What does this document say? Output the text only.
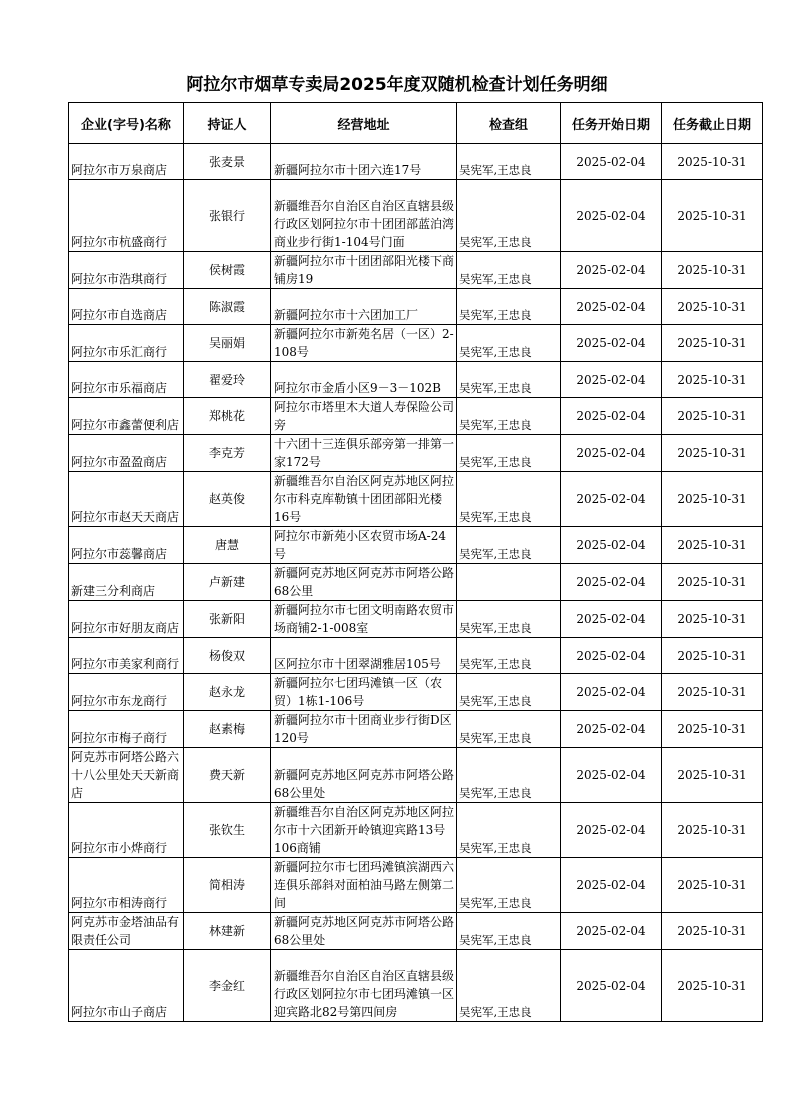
阿拉尔市烟草专卖局2025年度双随机检查计划任务明细
企业(字号)名称	持证人	经营地址	检查组	任务开始日期	任务截止日期
阿拉尔市万泉商店	张麦景	新疆阿拉尔市十团六连17号	吴宪军,王忠良	2025-02-04	2025-10-31
阿拉尔市杭盛商行	张银行	新疆维吾尔自治区自治区直辖县级行政区划阿拉尔市十团团部蓝泊湾商业步行街1-104号门面	吴宪军,王忠良	2025-02-04	2025-10-31
阿拉尔市浩琪商行	侯树霞	新疆阿拉尔市十团团部阳光楼下商铺房19	吴宪军,王忠良	2025-02-04	2025-10-31
阿拉尔市自选商店	陈淑霞	新疆阿拉尔市十六团加工厂	吴宪军,王忠良	2025-02-04	2025-10-31
阿拉尔市乐汇商行	吴丽娟	新疆阿拉尔市新苑名居（一区）2-108号	吴宪军,王忠良	2025-02-04	2025-10-31
阿拉尔市乐福商店	翟爱玲	阿拉尔市金盾小区9－3－102B	吴宪军,王忠良	2025-02-04	2025-10-31
阿拉尔市鑫蕾便利店	郑桃花	阿拉尔市塔里木大道人寿保险公司旁	吴宪军,王忠良	2025-02-04	2025-10-31
阿拉尔市盈盈商店	李克芳	十六团十三连俱乐部旁第一排第一家172号	吴宪军,王忠良	2025-02-04	2025-10-31
阿拉尔市赵天天商店	赵英俊	新疆维吾尔自治区阿克苏地区阿拉尔市科克库勒镇十团团部阳光楼16号	吴宪军,王忠良	2025-02-04	2025-10-31
阿拉尔市蕊馨商店	唐慧	阿拉尔市新苑小区农贸市场A-24号	吴宪军,王忠良	2025-02-04	2025-10-31
新建三分利商店	卢新建	新疆阿克苏地区阿克苏市阿塔公路68公里		2025-02-04	2025-10-31
阿拉尔市好朋友商店	张新阳	新疆阿拉尔市七团文明南路农贸市场商铺2-1-008室	吴宪军,王忠良	2025-02-04	2025-10-31
阿拉尔市美家利商行	杨俊双	区阿拉尔市十团翠湖雅居105号	吴宪军,王忠良	2025-02-04	2025-10-31
阿拉尔市东龙商行	赵永龙	新疆阿拉尔七团玛滩镇一区（农贸）1栋1-106号	吴宪军,王忠良	2025-02-04	2025-10-31
阿拉尔市梅子商行	赵素梅	新疆阿拉尔市十团商业步行街D区120号	吴宪军,王忠良	2025-02-04	2025-10-31
阿克苏市阿塔公路六十八公里处天天新商店	费天新	新疆阿克苏地区阿克苏市阿塔公路68公里处	吴宪军,王忠良	2025-02-04	2025-10-31
阿拉尔市小烨商行	张钦生	新疆维吾尔自治区阿克苏地区阿拉尔市十六团新开岭镇迎宾路13号106商铺	吴宪军,王忠良	2025-02-04	2025-10-31
阿拉尔市相涛商行	简相涛	新疆阿拉尔市七团玛滩镇滨湖西六连俱乐部斜对面柏油马路左侧第二间	吴宪军,王忠良	2025-02-04	2025-10-31
阿克苏市金塔油品有限责任公司	林建新	新疆阿克苏地区阿克苏市阿塔公路68公里处	吴宪军,王忠良	2025-02-04	2025-10-31
阿拉尔市山子商店	李金红	新疆维吾尔自治区自治区直辖县级行政区划阿拉尔市七团玛滩镇一区迎宾路北82号第四间房	吴宪军,王忠良	2025-02-04	2025-10-31
